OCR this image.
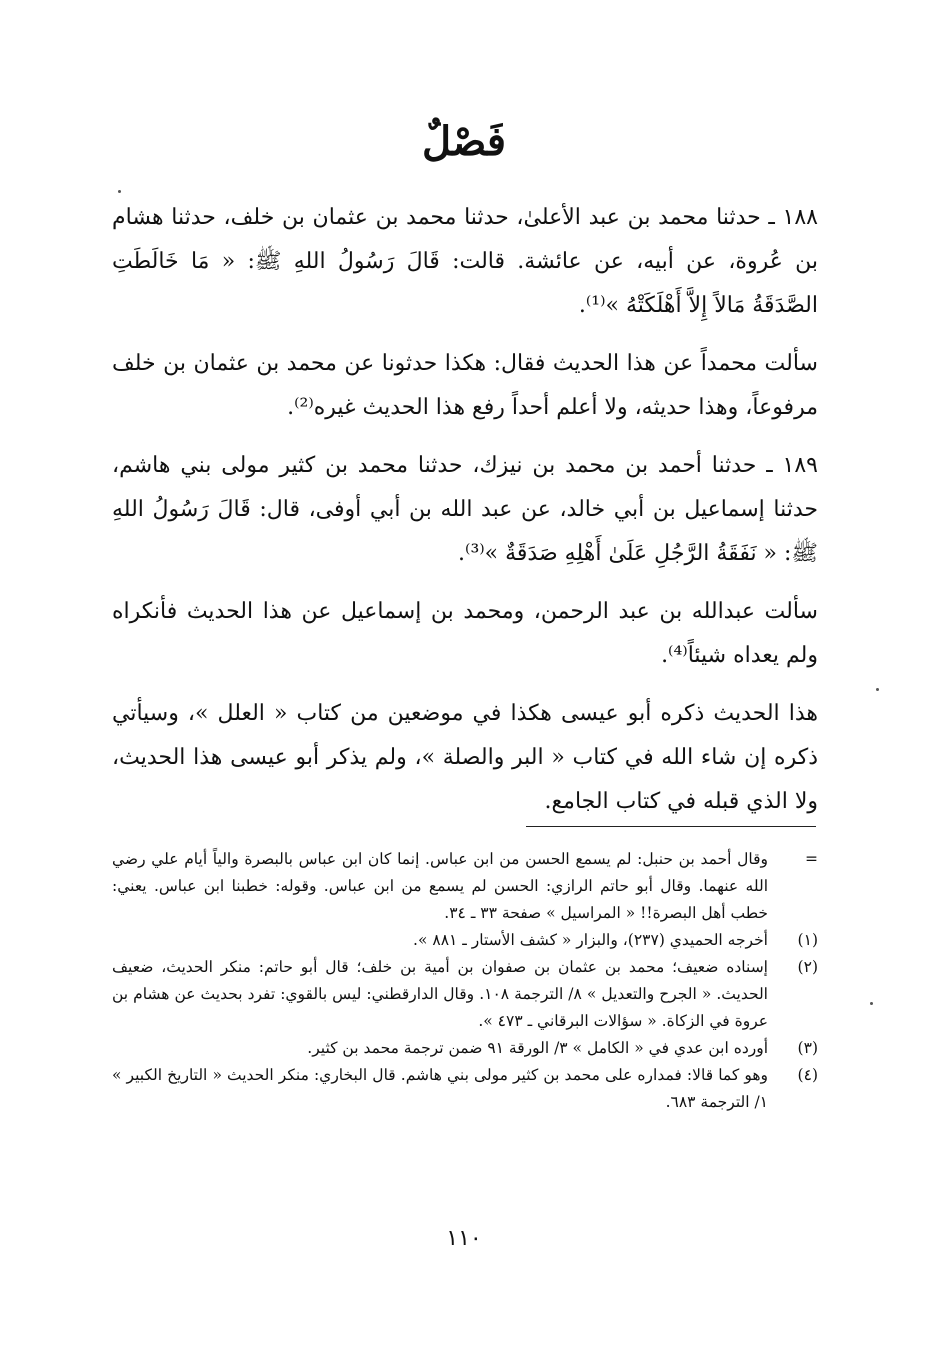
فَصْلٌ

١٨٨ ـ حدثنا محمد بن عبد الأعلىٰ، حدثنا محمد بن عثمان بن خلف، حدثنا هشام بن عُروة، عن أبيه، عن عائشة. قالت: قَالَ رَسُولُ اللهِ ﷺ: « مَا خَالَطَتِ الصَّدَقَةُ مَالاً إِلاَّ أَهْلَكَتْهُ »⁽¹⁾.

سألت محمداً عن هذا الحديث فقال: هكذا حدثونا عن محمد بن عثمان بن خلف مرفوعاً، وهذا حديثه، ولا أعلم أحداً رفع هذا الحديث غيره⁽²⁾.

١٨٩ ـ حدثنا أحمد بن محمد بن نيزك، حدثنا محمد بن كثير مولى بني هاشم، حدثنا إسماعيل بن أبي خالد، عن عبد الله بن أبي أوفى، قال: قَالَ رَسُولُ اللهِ ﷺ: « نَفَقَةُ الرَّجُلِ عَلَىٰ أَهْلِهِ صَدَقَةٌ »⁽³⁾.

سألت عبدالله بن عبد الرحمن، ومحمد بن إسماعيل عن هذا الحديث فأنكراه ولم يعداه شيئاً⁽⁴⁾.

هذا الحديث ذكره أبو عيسى هكذا في موضعين من كتاب « العلل »، وسيأتي ذكره إن شاء الله في كتاب « البر والصلة »، ولم يذكر أبو عيسى هذا الحديث، ولا الذي قبله في كتاب الجامع.

=
وقال أحمد بن حنبل: لم يسمع الحسن من ابن عباس. إنما كان ابن عباس بالبصرة والياً أيام علي رضي الله عنهما. وقال أبو حاتم الرازي: الحسن لم يسمع من ابن عباس. وقوله: خطبنا ابن عباس. يعني: خطب أهل البصرة!! « المراسيل » صفحة ٣٣ ـ ٣٤.
(١)
أخرجه الحميدي (٢٣٧)، والبزار « كشف الأستار ـ ٨٨١ ».
(٢)
إسناده ضعيف؛ محمد بن عثمان بن صفوان بن أمية بن خلف؛ قال أبو حاتم: منكر الحديث، ضعيف الحديث. « الجرح والتعديل » ٨/ الترجمة ١٠٨. وقال الدارقطني: ليس بالقوي: تفرد بحديث عن هشام بن عروة في الزكاة. « سؤالات البرقاني ـ ٤٧٣ ».
(٣)
أورده ابن عدي في « الكامل » ٣/ الورقة ٩١ ضمن ترجمة محمد بن كثير.
(٤)
وهو كما قالا: فمداره على محمد بن كثير مولى بني هاشم. قال البخاري: منكر الحديث « التاريخ الكبير » ١/ الترجمة ٦٨٣.
١١٠
